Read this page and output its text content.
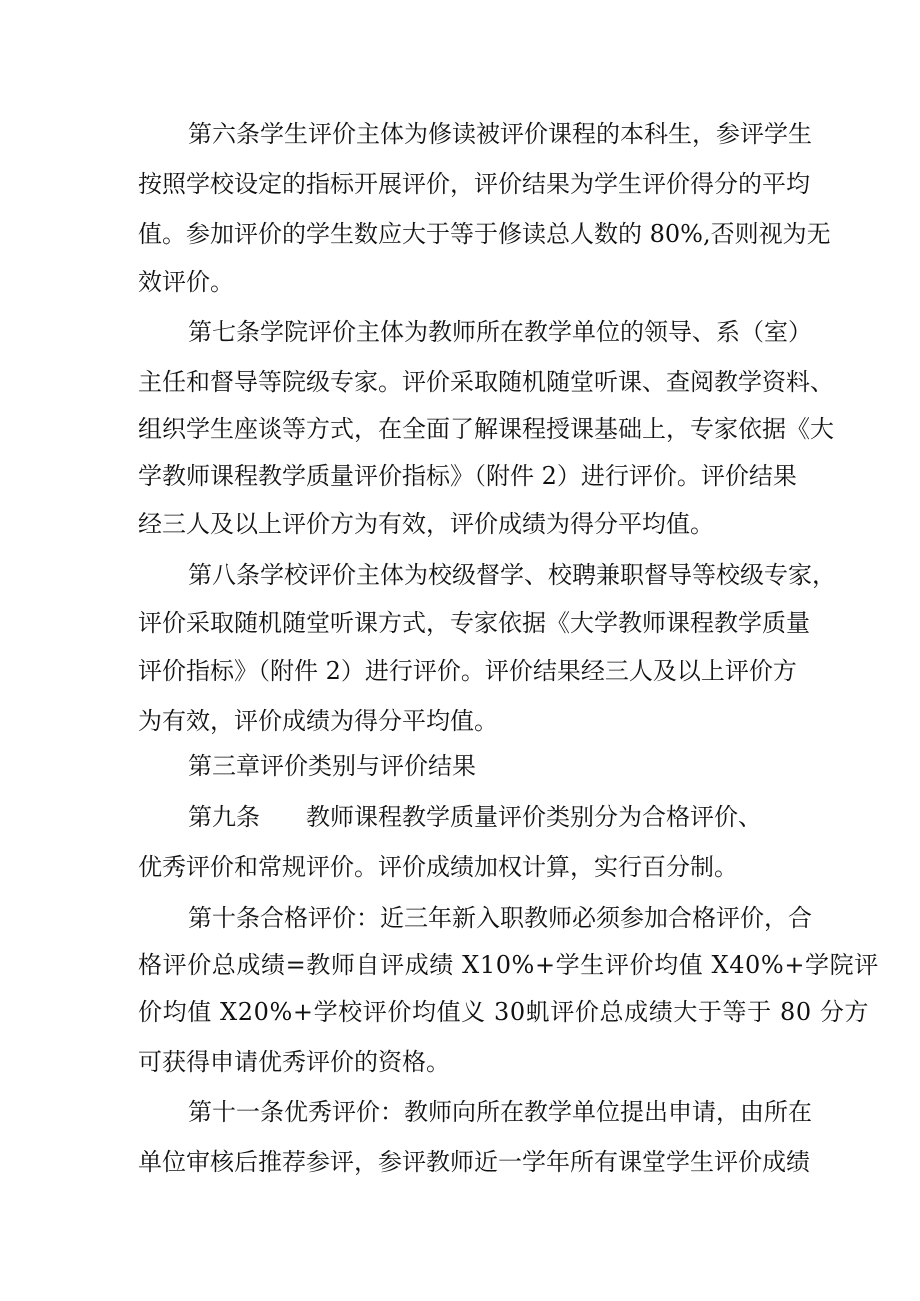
第六条学生评价主体为修读被评价课程的本科生，参评学生
按照学校设定的指标开展评价，评价结果为学生评价得分的平均
值。参加评价的学生数应大于等于修读总人数的 80%,否则视为无
效评价。
第七条学院评价主体为教师所在教学单位的领导、系（室）
主任和督导等院级专家。评价采取随机随堂听课、查阅教学资料、
组织学生座谈等方式，在全面了解课程授课基础上，专家依据《大
学教师课程教学质量评价指标》（附件 2）进行评价。评价结果
经三人及以上评价方为有效，评价成绩为得分平均值。
第八条学校评价主体为校级督学、校聘兼职督导等校级专家，
评价采取随机随堂听课方式，专家依据《大学教师课程教学质量
评价指标》（附件 2）进行评价。评价结果经三人及以上评价方
为有效，评价成绩为得分平均值。
第三章评价类别与评价结果
第九条 教师课程教学质量评价类别分为合格评价、
优秀评价和常规评价。评价成绩加权计算，实行百分制。
第十条合格评价：近三年新入职教师必须参加合格评价，合
格评价总成绩=教师自评成绩 X10%+学生评价均值 X40%+学院评
价均值 X20%+学校评价均值义 30虮评价总成绩大于等于 80 分方
可获得申请优秀评价的资格。
第十一条优秀评价：教师向所在教学单位提出申请，由所在
单位审核后推荐参评，参评教师近一学年所有课堂学生评价成绩
